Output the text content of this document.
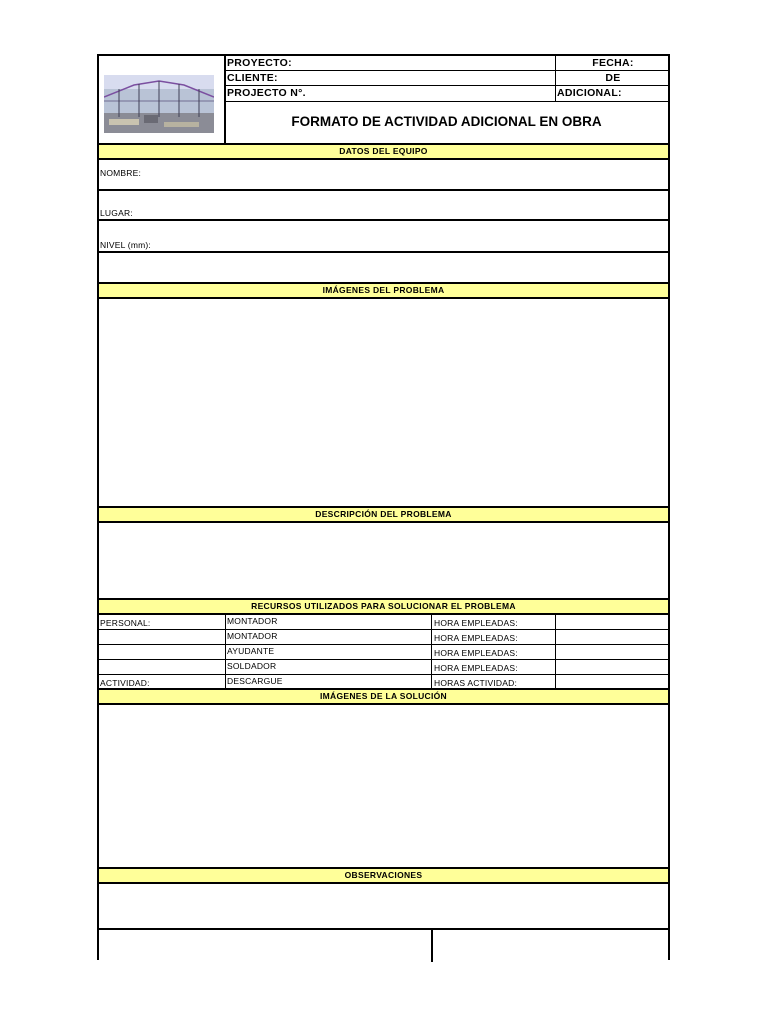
PROYECTO:
CLIENTE:
PROJECTO N°.
FECHA:
DE
ADICIONAL:
FORMATO DE ACTIVIDAD ADICIONAL EN OBRA
DATOS DEL EQUIPO
NOMBRE:
LUGAR:
NIVEL (mm):
IMÁGENES DEL PROBLEMA
DESCRIPCIÓN DEL PROBLEMA
RECURSOS UTILIZADOS PARA SOLUCIONAR EL PROBLEMA
PERSONAL:
ACTIVIDAD:
MONTADOR
MONTADOR
AYUDANTE
SOLDADOR
DESCARGUE
HORA EMPLEADAS:
HORA EMPLEADAS:
HORA EMPLEADAS:
HORA EMPLEADAS:
HORAS ACTIVIDAD:
IMÁGENES DE LA SOLUCIÓN
OBSERVACIONES
